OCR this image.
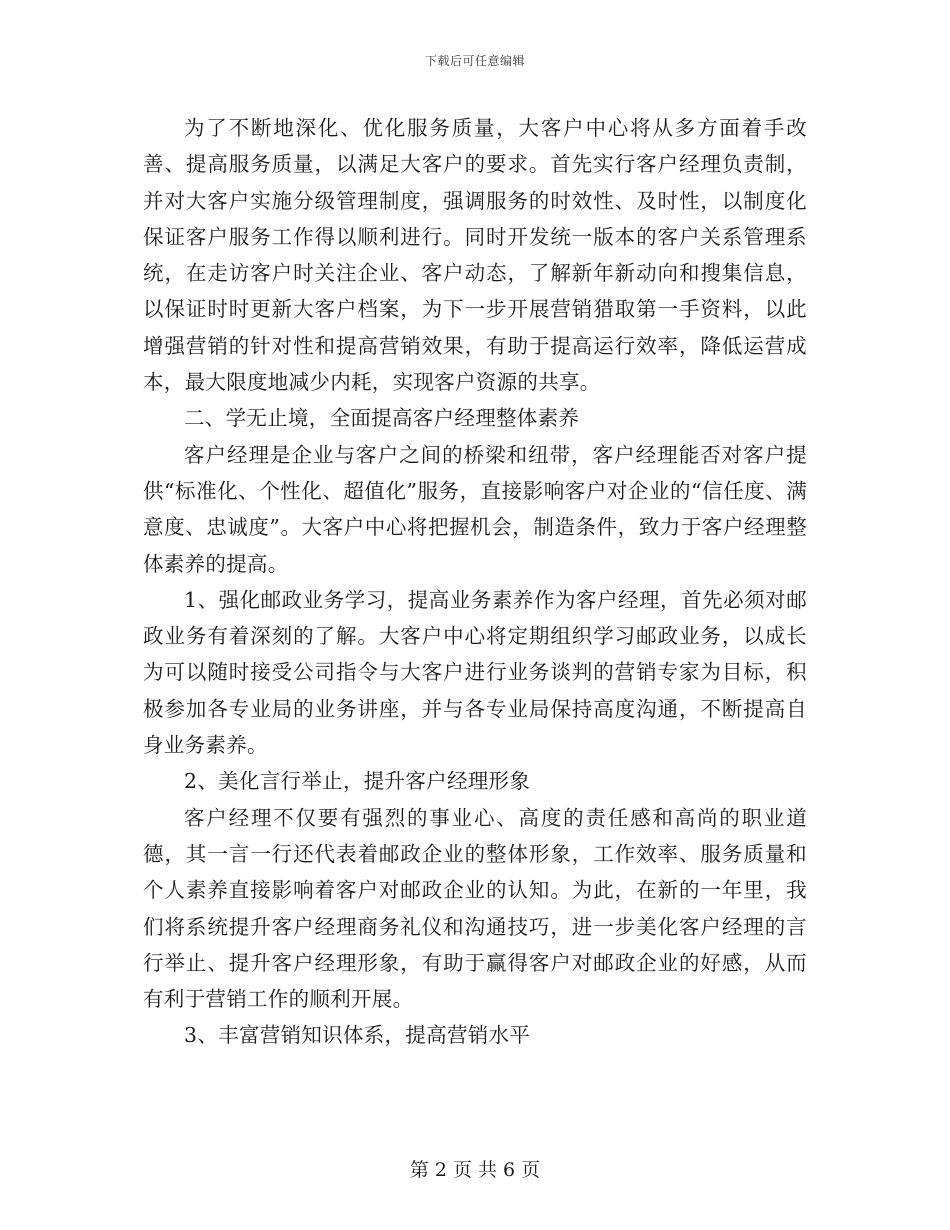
下载后可任意编辑

为了不断地深化、优化服务质量，大客户中心将从多方面着手改善、提高服务质量，以满足大客户的要求。首先实行客户经理负责制，并对大客户实施分级管理制度，强调服务的时效性、及时性，以制度化保证客户服务工作得以顺利进行。同时开发统一版本的客户关系管理系统，在走访客户时关注企业、客户动态，了解新年新动向和搜集信息，以保证时时更新大客户档案，为下一步开展营销猎取第一手资料，以此增强营销的针对性和提高营销效果，有助于提高运行效率，降低运营成本，最大限度地减少内耗，实现客户资源的共享。

二、学无止境，全面提高客户经理整体素养

客户经理是企业与客户之间的桥梁和纽带，客户经理能否对客户提供“标准化、个性化、超值化”服务，直接影响客户对企业的“信任度、满意度、忠诚度”。大客户中心将把握机会，制造条件，致力于客户经理整体素养的提高。

1、强化邮政业务学习，提高业务素养作为客户经理，首先必须对邮政业务有着深刻的了解。大客户中心将定期组织学习邮政业务，以成长为可以随时接受公司指令与大客户进行业务谈判的营销专家为目标，积极参加各专业局的业务讲座，并与各专业局保持高度沟通，不断提高自身业务素养。

2、美化言行举止，提升客户经理形象

客户经理不仅要有强烈的事业心、高度的责任感和高尚的职业道德，其一言一行还代表着邮政企业的整体形象，工作效率、服务质量和个人素养直接影响着客户对邮政企业的认知。为此，在新的一年里，我们将系统提升客户经理商务礼仪和沟通技巧，进一步美化客户经理的言行举止、提升客户经理形象，有助于赢得客户对邮政企业的好感，从而有利于营销工作的顺利开展。

3、丰富营销知识体系，提高营销水平

第 2 页 共 6 页
